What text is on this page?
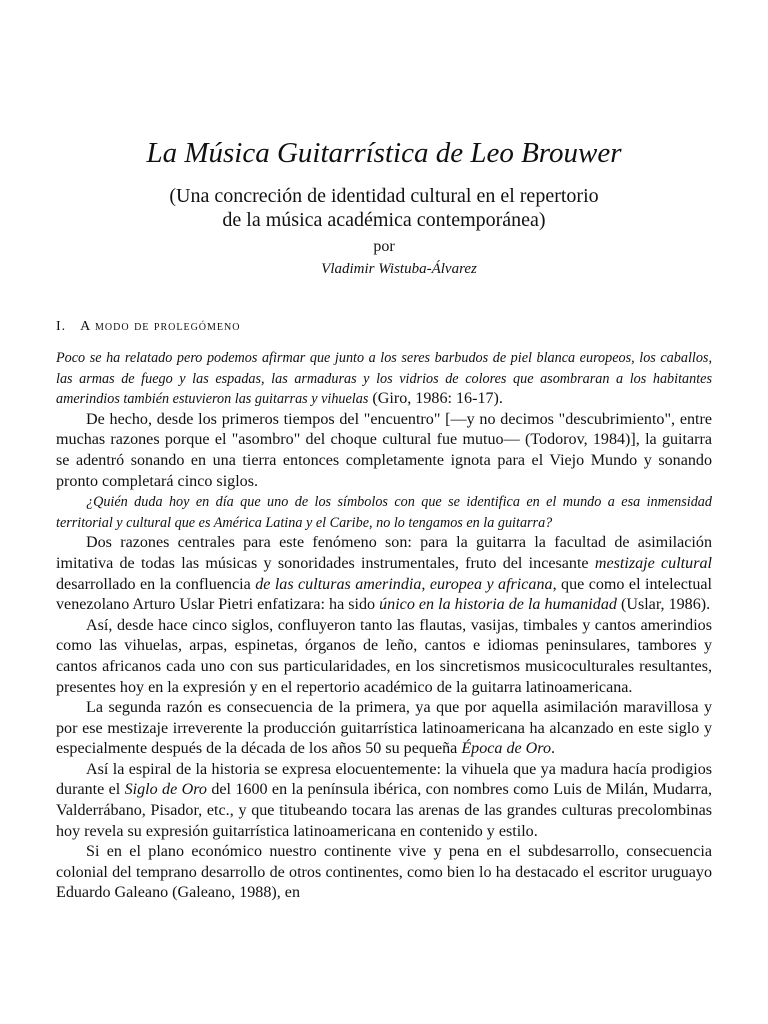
La Música Guitarrística de Leo Brouwer
(Una concreción de identidad cultural en el repertorio
de la música académica contemporánea)
por
Vladimir Wistuba-Álvarez
I. A modo de prolegómeno

Poco se ha relatado pero podemos afirmar que junto a los seres barbudos de piel blanca europeos, los caballos, las armas de fuego y las espadas, las armaduras y los vidrios de colores que asombraran a los habitantes amerindios también estuvieron las guitarras y vihuelas (Giro, 1986: 16-17).

De hecho, desde los primeros tiempos del "encuentro" [—y no decimos "descubrimiento", entre muchas razones porque el "asombro" del choque cultural fue mutuo— (Todorov, 1984)], la guitarra se adentró sonando en una tierra entonces completamente ignota para el Viejo Mundo y sonando pronto completará cinco siglos.

¿Quién duda hoy en día que uno de los símbolos con que se identifica en el mundo a esa inmensidad territorial y cultural que es América Latina y el Caribe, no lo tengamos en la guitarra?

Dos razones centrales para este fenómeno son: para la guitarra la facultad de asimilación imitativa de todas las músicas y sonoridades instrumentales, fruto del incesante mestizaje cultural desarrollado en la confluencia de las culturas amerindia, europea y africana, que como el intelectual venezolano Arturo Uslar Pietri enfatizara: ha sido único en la historia de la humanidad (Uslar, 1986).

Así, desde hace cinco siglos, confluyeron tanto las flautas, vasijas, timbales y cantos amerindios como las vihuelas, arpas, espinetas, órganos de leño, cantos e idiomas peninsulares, tambores y cantos africanos cada uno con sus particularidades, en los sincretismos musicoculturales resultantes, presentes hoy en la expresión y en el repertorio académico de la guitarra latinoamericana.

La segunda razón es consecuencia de la primera, ya que por aquella asimilación maravillosa y por ese mestizaje irreverente la producción guitarrística latinoamericana ha alcanzado en este siglo y especialmente después de la década de los años 50 su pequeña Época de Oro.

Así la espiral de la historia se expresa elocuentemente: la vihuela que ya madura hacía prodigios durante el Siglo de Oro del 1600 en la península ibérica, con nombres como Luis de Milán, Mudarra, Valderrábano, Pisador, etc., y que titubeando tocara las arenas de las grandes culturas precolombinas hoy revela su expresión guitarrística latinoamericana en contenido y estilo.

Si en el plano económico nuestro continente vive y pena en el subdesarrollo, consecuencia colonial del temprano desarrollo de otros continentes, como bien lo ha destacado el escritor uruguayo Eduardo Galeano (Galeano, 1988), en
